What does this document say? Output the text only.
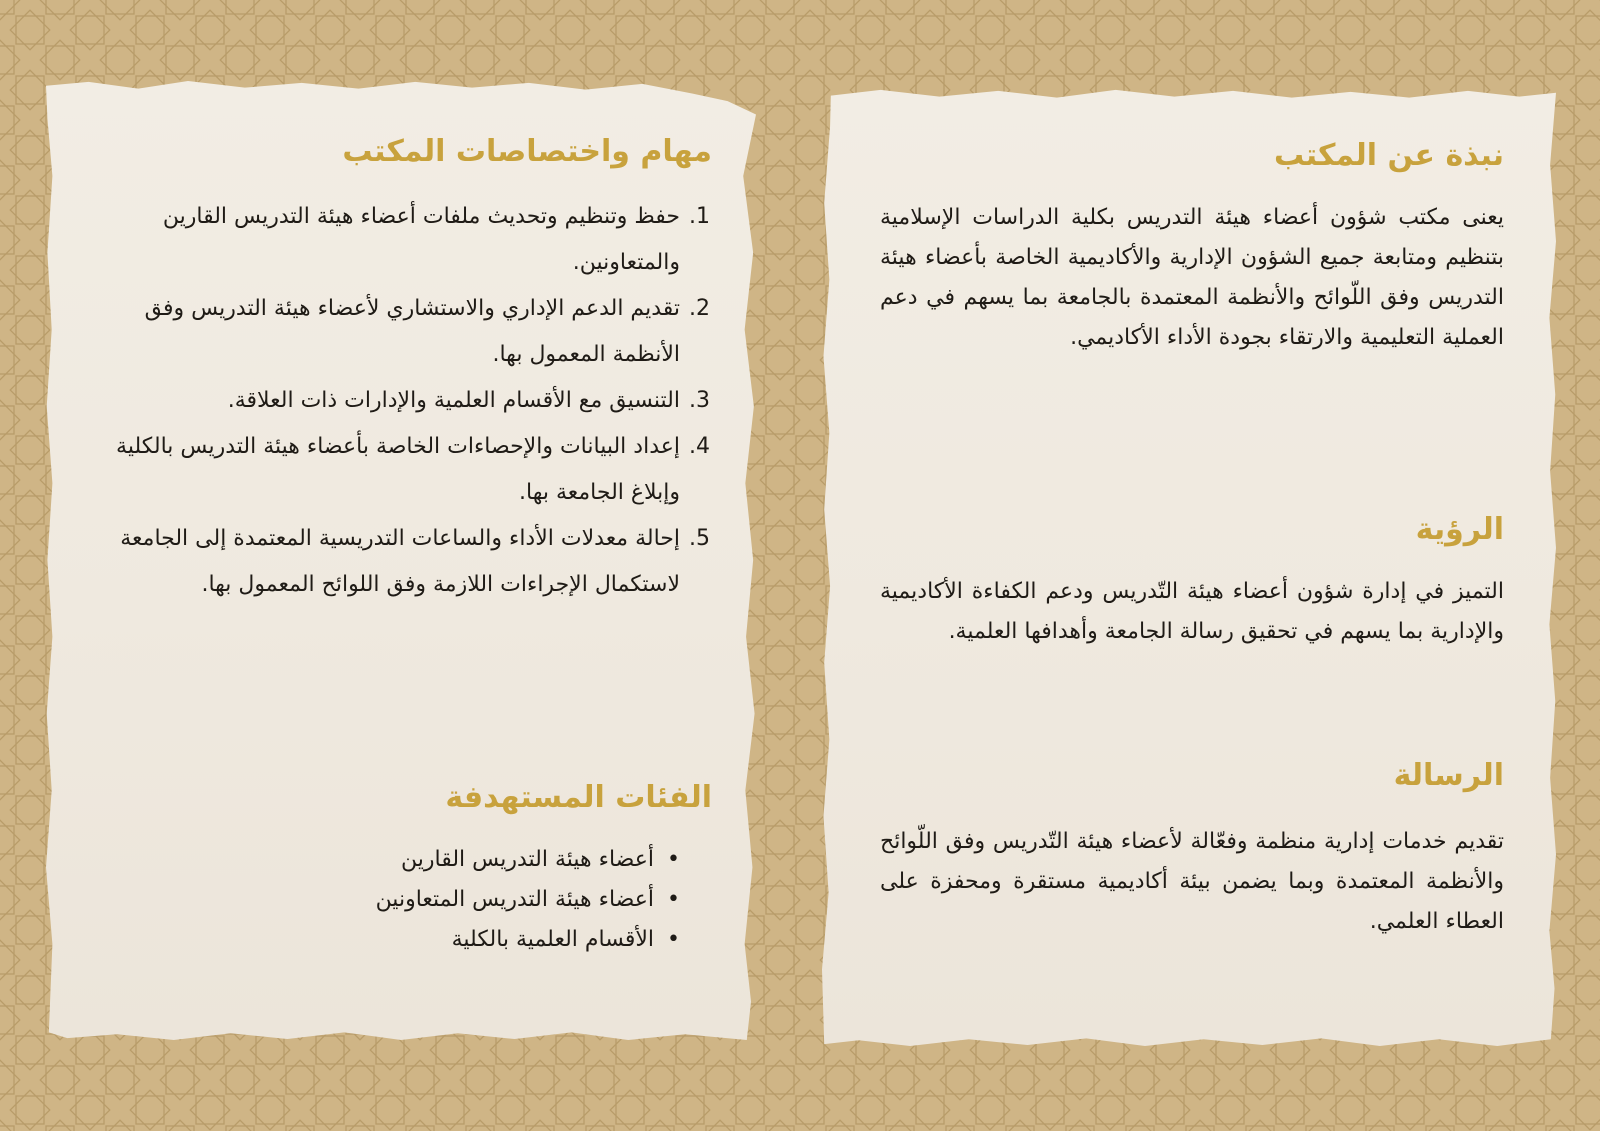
نبذة عن المكتب

يعنى مكتب شؤون أعضاء هيئة التدريس بكلية الدراسات الإسلامية بتنظيم ومتابعة جميع الشؤون الإدارية والأكاديمية الخاصة بأعضاء هيئة التدريس وفق اللّوائح والأنظمة المعتمدة بالجامعة بما يسهم في دعم العملية التعليمية والارتقاء بجودة الأداء الأكاديمي.

الرؤية

التميز في إدارة شؤون أعضاء هيئة التّدريس ودعم الكفاءة الأكاديمية والإدارية بما يسهم في تحقيق رسالة الجامعة وأهدافها العلمية.

الرسالة

تقديم خدمات إدارية منظمة وفعّالة لأعضاء هيئة التّدريس وفق اللّوائح والأنظمة المعتمدة وبما يضمن بيئة أكاديمية مستقرة ومحفزة على العطاء العلمي.

مهام واختصاصات المكتب
1.
حفظ وتنظيم وتحديث ملفات أعضاء هيئة التدريس القارين والمتعاونين.
2.
تقديم الدعم الإداري والاستشاري لأعضاء هيئة التدريس وفق الأنظمة المعمول بها.
3.
التنسيق مع الأقسام العلمية والإدارات ذات العلاقة.
4.
إعداد البيانات والإحصاءات الخاصة بأعضاء هيئة التدريس بالكلية وإبلاغ الجامعة بها.
5.
إحالة معدلات الأداء والساعات التدريسية المعتمدة إلى الجامعة لاستكمال الإجراءات اللازمة وفق اللوائح المعمول بها.
الفئات المستهدفة
• أعضاء هيئة التدريس القارين
• أعضاء هيئة التدريس المتعاونين
• الأقسام العلمية بالكلية
